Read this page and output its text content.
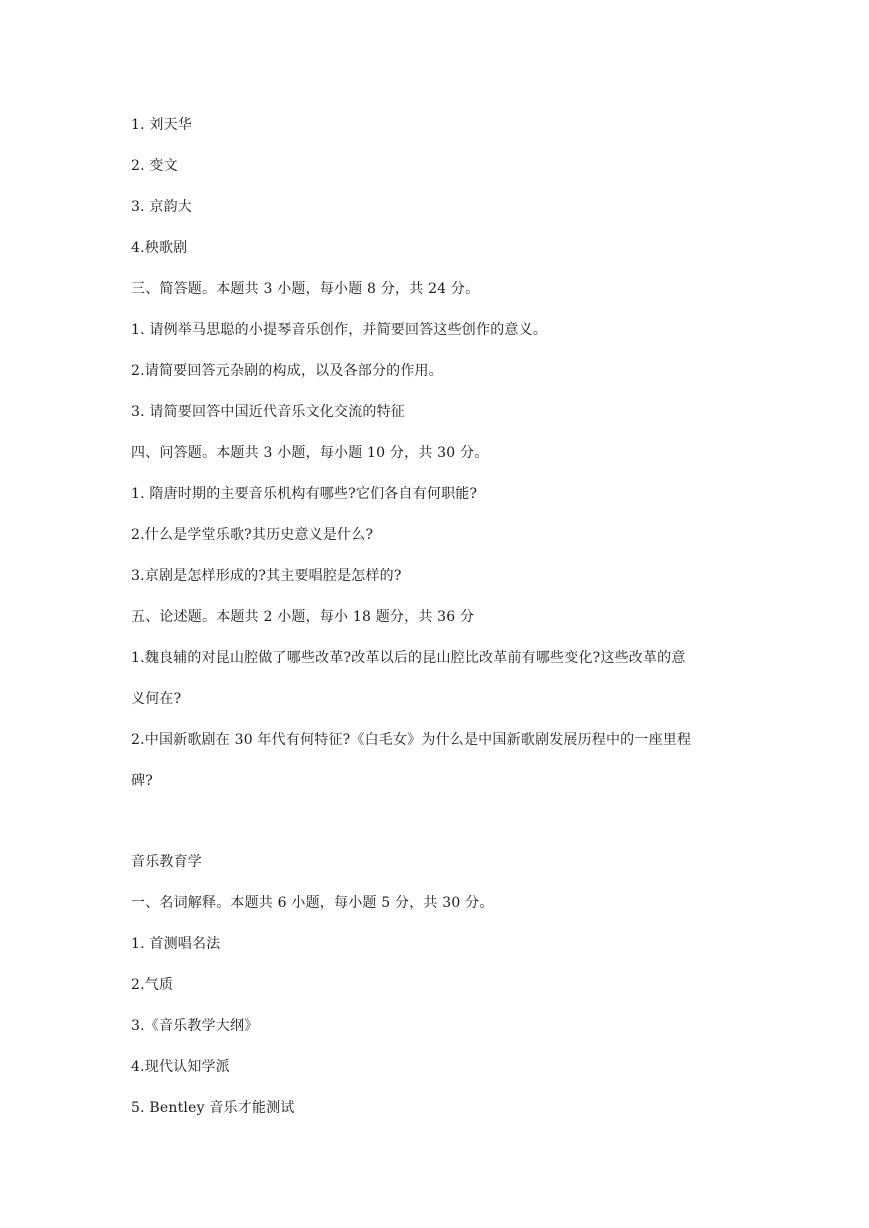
1. 刘天华
2. 变文
3. 京韵大
4.秧歌剧
三、简答题。本题共 3 小题，每小题 8 分，共 24 分。
1. 请例举马思聪的小提琴音乐创作，并简要回答这些创作的意义。
2.请简要回答元杂剧的构成，以及各部分的作用。
3. 请简要回答中国近代音乐文化交流的特征
四、问答题。本题共 3 小题，每小题 10 分，共 30 分。
1. 隋唐时期的主要音乐机构有哪些?它们各自有何职能?
2.什么是学堂乐歌?其历史意义是什么?
3.京剧是怎样形成的?其主要唱腔是怎样的?
五、论述题。本题共 2 小题，每小 18 题分，共 36 分
1.魏良辅的对昆山腔做了哪些改革?改革以后的昆山腔比改革前有哪些变化?这些改革的意
义何在?
2.中国新歌剧在 30 年代有何特征?《白毛女》为什么是中国新歌剧发展历程中的一座里程
碑?
音乐教育学
一、名词解释。本题共 6 小题，每小题 5 分，共 30 分。
1. 首测唱名法
2.气质
3.《音乐教学大纲》
4.现代认知学派
5. Bentley 音乐才能测试
